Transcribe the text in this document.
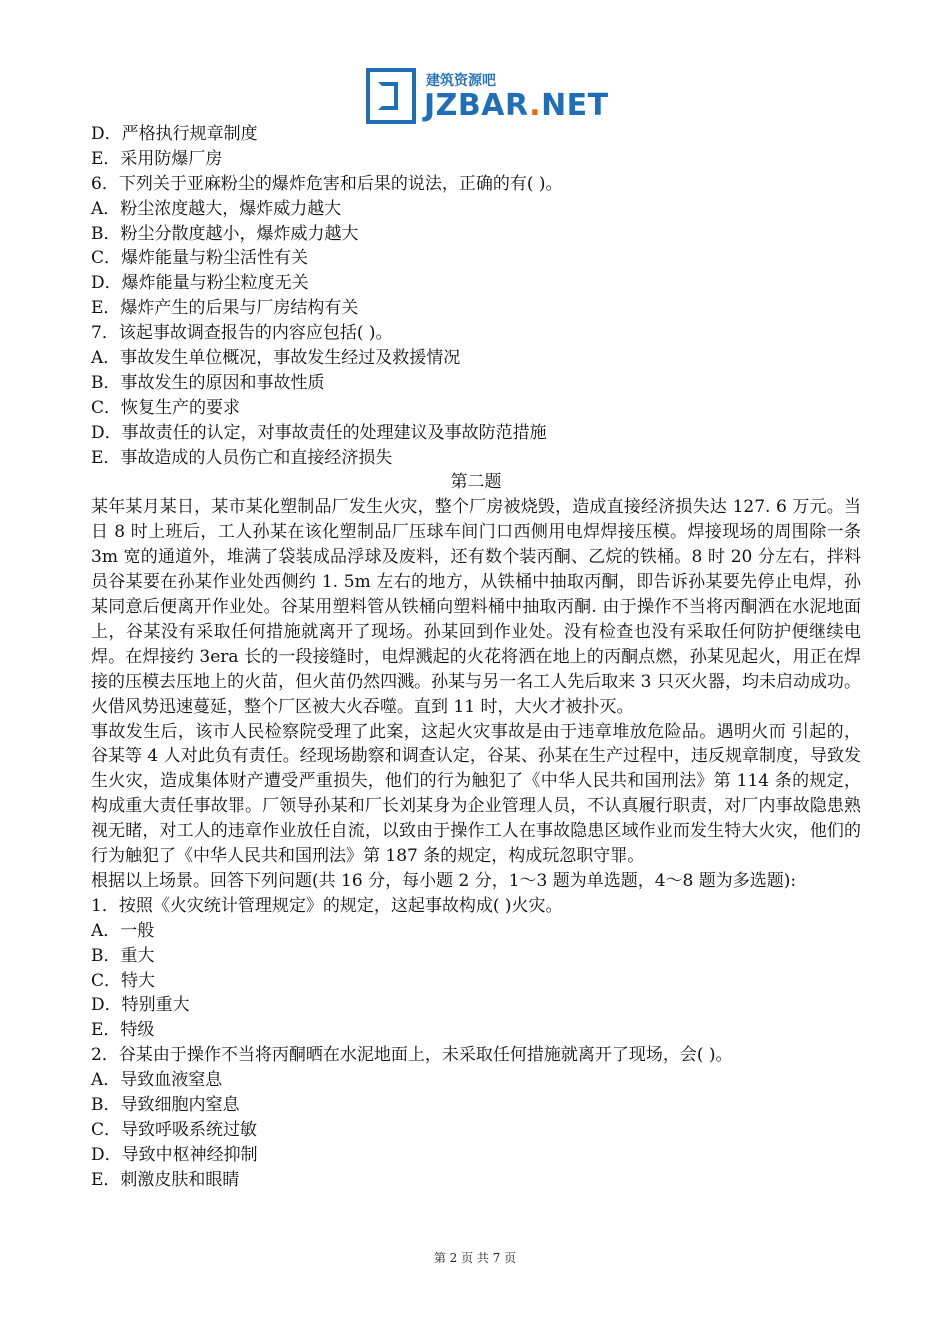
建筑资源吧
JZBAR.NET
D．严格执行规章制度
E．采用防爆厂房
6．下列关于亚麻粉尘的爆炸危害和后果的说法，正确的有( )。
A．粉尘浓度越大，爆炸威力越大
B．粉尘分散度越小，爆炸威力越大
C．爆炸能量与粉尘活性有关
D．爆炸能量与粉尘粒度无关
E．爆炸产生的后果与厂房结构有关
7．该起事故调查报告的内容应包括( )。
A．事故发生单位概况，事故发生经过及救援情况
B．事故发生的原因和事故性质
C．恢复生产的要求
D．事故责任的认定，对事故责任的处理建议及事故防范措施
E．事故造成的人员伤亡和直接经济损失
第二题
某年某月某日，某市某化塑制品厂发生火灾，整个厂房被烧毁，造成直接经济损失达 127. 6 万元。当日 8 时上班后，工人孙某在该化塑制品厂压球车间门口西侧用电焊焊接压模。焊接现场的周围除一条 3m 宽的通道外，堆满了袋装成品浮球及废料，还有数个装丙酮、乙烷的铁桶。8 时 20 分左右，拌料员谷某要在孙某作业处西侧约 1. 5m 左右的地方，从铁桶中抽取丙酮，即告诉孙某要先停止电焊，孙某同意后便离开作业处。谷某用塑料管从铁桶向塑料桶中抽取丙酮. 由于操作不当将丙酮洒在水泥地面上，谷某没有采取任何措施就离开了现场。孙某回到作业处。没有检查也没有采取任何防护便继续电焊。在焊接约 3era 长的一段接缝时，电焊溅起的火花将洒在地上的丙酮点燃，孙某见起火，用正在焊接的压模去压地上的火苗，但火苗仍然四溅。孙某与另一名工人先后取来 3 只灭火器，均未启动成功。火借风势迅速蔓延，整个厂区被大火吞噬。直到 11 时，大火才被扑灭。
事故发生后，该市人民检察院受理了此案，这起火灾事故是由于违章堆放危险品。遇明火而 引起的，谷某等 4 人对此负有责任。经现场勘察和调查认定，谷某、孙某在生产过程中，违反规章制度，导致发生火灾，造成集体财产遭受严重损失，他们的行为触犯了《中华人民共和国刑法》第 114 条的规定，构成重大责任事故罪。厂领导孙某和厂长刘某身为企业管理人员，不认真履行职责，对厂内事故隐患熟视无睹，对工人的违章作业放任自流，以致由于操作工人在事故隐患区域作业而发生特大火灾，他们的行为触犯了《中华人民共和国刑法》第 187 条的规定，构成玩忽职守罪。
根据以上场景。回答下列问题(共 16 分，每小题 2 分，1～3 题为单选题，4～8 题为多选题):
1．按照《火灾统计管理规定》的规定，这起事故构成( )火灾。
A．一般
B．重大
C．特大
D．特别重大
E．特级
2．谷某由于操作不当将丙酮晒在水泥地面上，未采取任何措施就离开了现场，会( )。
A．导致血液窒息
B．导致细胞内窒息
C．导致呼吸系统过敏
D．导致中枢神经抑制
E．刺激皮肤和眼睛
第 2 页 共 7 页
